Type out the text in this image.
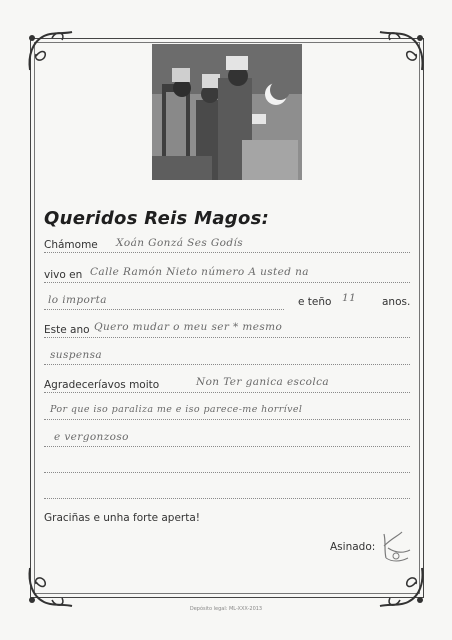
Queridos Reis Magos:
Chámome Xoán Gonzá Ses Godís
vivo en Calle Ramón Nieto número A usted na
lo importa	e teño 11 anos.
Este ano Quero mudar o meu ser * mesmo
suspensa
Agradeceríavos moito	Non Ter ganica escolca
Por que iso paraliza me e iso parece-me horrível
e vergonzoso
Graciñas e unha forte aperta!
Asinado:
Depósito legal: ML-XXX-2013
